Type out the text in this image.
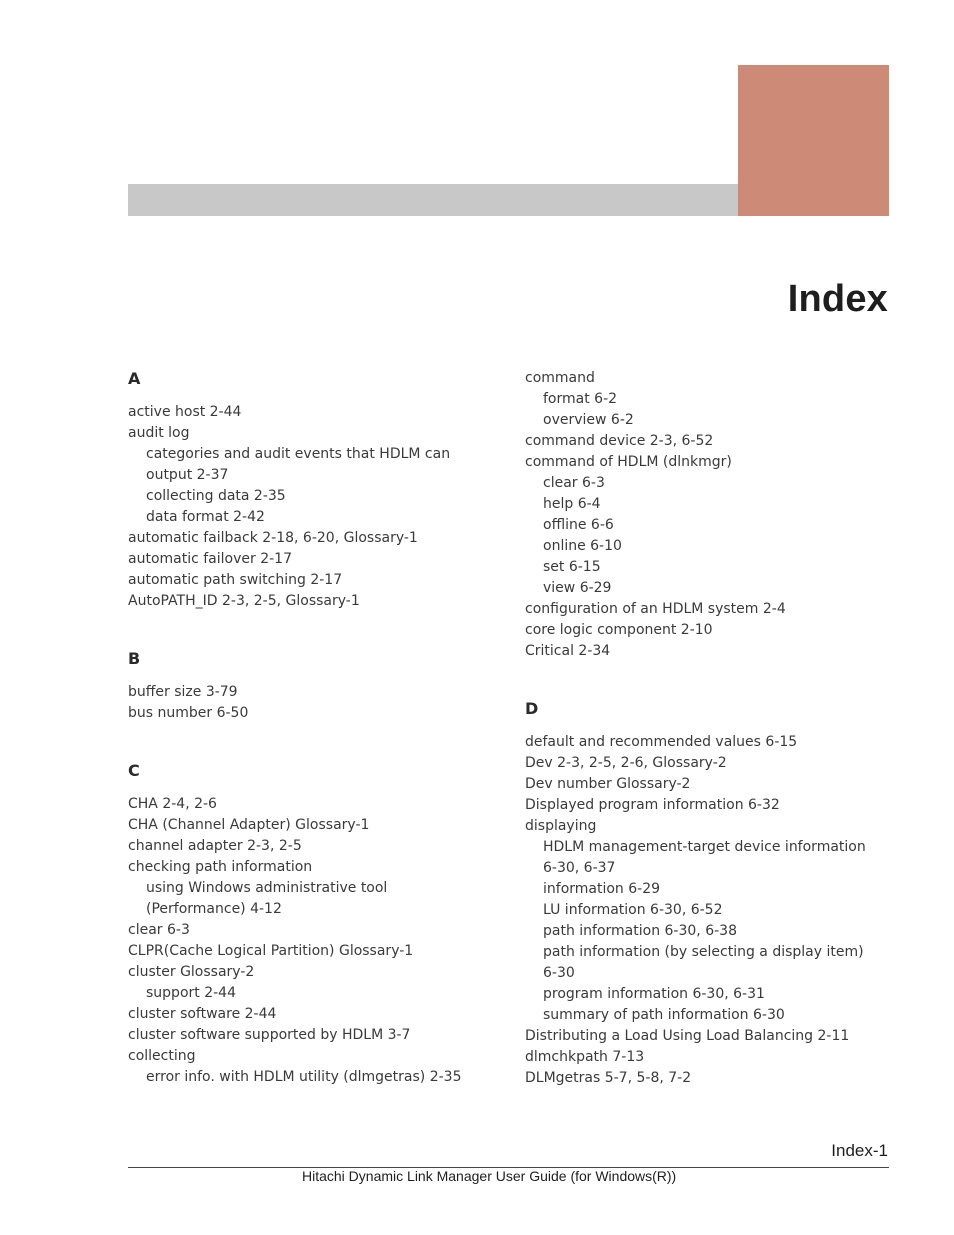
Index
A
active host 2-44
audit log
categories and audit events that HDLM can
output 2-37
collecting data 2-35
data format 2-42
automatic failback 2-18, 6-20, Glossary-1
automatic failover 2-17
automatic path switching 2-17
AutoPATH_ID 2-3, 2-5, Glossary-1
B
buffer size 3-79
bus number 6-50
C
CHA 2-4, 2-6
CHA (Channel Adapter) Glossary-1
channel adapter 2-3, 2-5
checking path information
using Windows administrative tool
(Performance) 4-12
clear 6-3
CLPR(Cache Logical Partition) Glossary-1
cluster Glossary-2
support 2-44
cluster software 2-44
cluster software supported by HDLM 3-7
collecting
error info. with HDLM utility (dlmgetras) 2-35
command
format 6-2
overview 6-2
command device 2-3, 6-52
command of HDLM (dlnkmgr)
clear 6-3
help 6-4
offline 6-6
online 6-10
set 6-15
view 6-29
configuration of an HDLM system 2-4
core logic component 2-10
Critical 2-34
D
default and recommended values 6-15
Dev 2-3, 2-5, 2-6, Glossary-2
Dev number Glossary-2
Displayed program information 6-32
displaying
HDLM management-target device information
6-30, 6-37
information 6-29
LU information 6-30, 6-52
path information 6-30, 6-38
path information (by selecting a display item)
6-30
program information 6-30, 6-31
summary of path information 6-30
Distributing a Load Using Load Balancing 2-11
dlmchkpath 7-13
DLMgetras 5-7, 5-8, 7-2
Index-1
Hitachi Dynamic Link Manager User Guide (for Windows(R))
